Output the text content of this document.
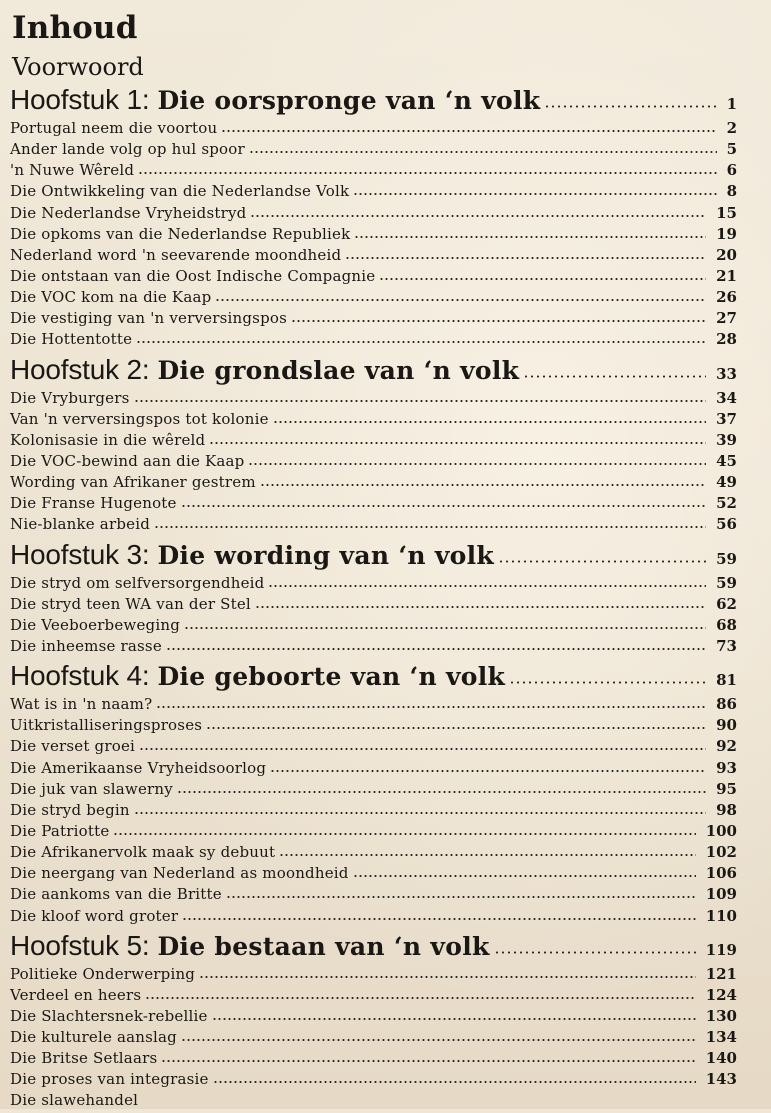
Inhoud
Voorwoord
Hoofstuk 1: Die oorspronge van ‘n volk	1
Portugal neem die voortou	2
Ander lande volg op hul spoor	5
'n Nuwe Wêreld	6
Die Ontwikkeling van die Nederlandse Volk	8
Die Nederlandse Vryheidstryd	15
Die opkoms van die Nederlandse Republiek	19
Nederland word 'n seevarende moondheid	20
Die ontstaan van die Oost Indische Compagnie	21
Die VOC kom na die Kaap	26
Die vestiging van 'n verversingspos	27
Die Hottentotte	28
Hoofstuk 2: Die grondslae van ‘n volk	33
Die Vryburgers	34
Van 'n verversingspos tot kolonie	37
Kolonisasie in die wêreld	39
Die VOC-bewind aan die Kaap	45
Wording van Afrikaner gestrem	49
Die Franse Hugenote	52
Nie-blanke arbeid	56
Hoofstuk 3: Die wording van ‘n volk	59
Die stryd om selfversorgendheid	59
Die stryd teen WA van der Stel	62
Die Veeboerbeweging	68
Die inheemse rasse	73
Hoofstuk 4: Die geboorte van ‘n volk	81
Wat is in 'n naam?	86
Uitkristalliseringsproses	90
Die verset groei	92
Die Amerikaanse Vryheidsoorlog	93
Die juk van slawerny	95
Die stryd begin	98
Die Patriotte	100
Die Afrikanervolk maak sy debuut	102
Die neergang van Nederland as moondheid	106
Die aankoms van die Britte	109
Die kloof word groter	110
Hoofstuk 5: Die bestaan van ‘n volk	119
Politieke Onderwerping	121
Verdeel en heers	124
Die Slachtersnek-rebellie	130
Die kulturele aanslag	134
Die Britse Setlaars	140
Die proses van integrasie	143
Die slawehandel
